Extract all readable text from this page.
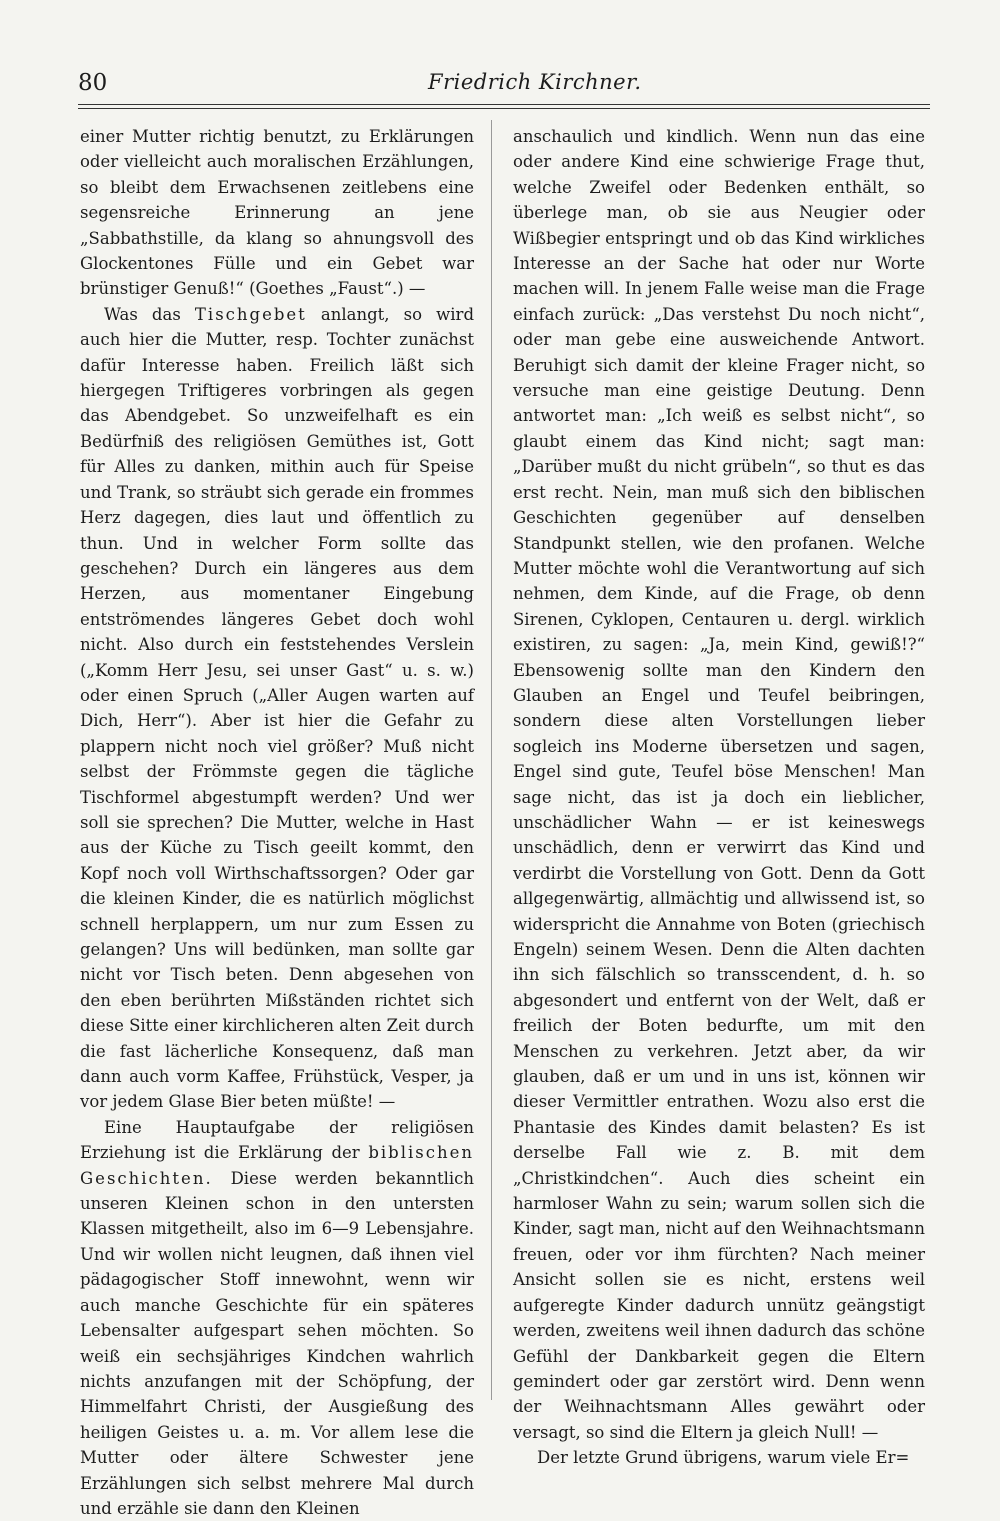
80	Friedrich Kirchner.

einer Mutter richtig benutzt, zu Erklärungen oder vielleicht auch moralischen Erzählungen, so bleibt dem Erwachsenen zeitlebens eine segensreiche Erinnerung an jene „Sabbathstille, da klang so ahnungsvoll des Glockentones Fülle und ein Gebet war brünstiger Genuß!“ (Goethes „Faust“.) —

Was das Tischgebet anlangt, so wird auch hier die Mutter, resp. Tochter zunächst dafür Interesse haben. Freilich läßt sich hiergegen Triftigeres vorbringen als gegen das Abendgebet. So unzweifelhaft es ein Bedürfniß des religiösen Gemüthes ist, Gott für Alles zu danken, mithin auch für Speise und Trank, so sträubt sich gerade ein frommes Herz dagegen, dies laut und öffentlich zu thun. Und in welcher Form sollte das geschehen? Durch ein längeres aus dem Herzen, aus momentaner Eingebung entströmendes längeres Gebet doch wohl nicht. Also durch ein feststehendes Verslein („Komm Herr Jesu, sei unser Gast“ u. s. w.) oder einen Spruch („Aller Augen warten auf Dich, Herr“). Aber ist hier die Gefahr zu plappern nicht noch viel größer? Muß nicht selbst der Frömmste gegen die tägliche Tischformel abgestumpft werden? Und wer soll sie sprechen? Die Mutter, welche in Hast aus der Küche zu Tisch geeilt kommt, den Kopf noch voll Wirthschaftssorgen? Oder gar die kleinen Kinder, die es natürlich möglichst schnell herplappern, um nur zum Essen zu gelangen? Uns will bedünken, man sollte gar nicht vor Tisch beten. Denn abgesehen von den eben berührten Mißständen richtet sich diese Sitte einer kirchlicheren alten Zeit durch die fast lächerliche Konsequenz, daß man dann auch vorm Kaffee, Frühstück, Vesper, ja vor jedem Glase Bier beten müßte! —

Eine Hauptaufgabe der religiösen Erziehung ist die Erklärung der biblischen Geschichten. Diese werden bekanntlich unseren Kleinen schon in den untersten Klassen mitgetheilt, also im 6—9 Lebensjahre. Und wir wollen nicht leugnen, daß ihnen viel pädagogischer Stoff innewohnt, wenn wir auch manche Geschichte für ein späteres Lebensalter aufgespart sehen möchten. So weiß ein sechsjähriges Kindchen wahrlich nichts anzufangen mit der Schöpfung, der Himmelfahrt Christi, der Ausgießung des heiligen Geistes u. a. m. Vor allem lese die Mutter oder ältere Schwester jene Erzählungen sich selbst mehrere Mal durch und erzähle sie dann den Kleinen

anschaulich und kindlich. Wenn nun das eine oder andere Kind eine schwierige Frage thut, welche Zweifel oder Bedenken enthält, so überlege man, ob sie aus Neugier oder Wißbegier entspringt und ob das Kind wirkliches Interesse an der Sache hat oder nur Worte machen will. In jenem Falle weise man die Frage einfach zurück: „Das verstehst Du noch nicht“, oder man gebe eine ausweichende Antwort. Beruhigt sich damit der kleine Frager nicht, so versuche man eine geistige Deutung. Denn antwortet man: „Ich weiß es selbst nicht“, so glaubt einem das Kind nicht; sagt man: „Darüber mußt du nicht grübeln“, so thut es das erst recht. Nein, man muß sich den biblischen Geschichten gegenüber auf denselben Standpunkt stellen, wie den profanen. Welche Mutter möchte wohl die Verantwortung auf sich nehmen, dem Kinde, auf die Frage, ob denn Sirenen, Cyklopen, Centauren u. dergl. wirklich existiren, zu sagen: „Ja, mein Kind, gewiß!?“ Ebensowenig sollte man den Kindern den Glauben an Engel und Teufel beibringen, sondern diese alten Vorstellungen lieber sogleich ins Moderne übersetzen und sagen, Engel sind gute, Teufel böse Menschen! Man sage nicht, das ist ja doch ein lieblicher, unschädlicher Wahn — er ist keineswegs unschädlich, denn er verwirrt das Kind und verdirbt die Vorstellung von Gott. Denn da Gott allgegenwärtig, allmächtig und allwissend ist, so widerspricht die Annahme von Boten (griechisch Engeln) seinem Wesen. Denn die Alten dachten ihn sich fälschlich so transscendent, d. h. so abgesondert und entfernt von der Welt, daß er freilich der Boten bedurfte, um mit den Menschen zu verkehren. Jetzt aber, da wir glauben, daß er um und in uns ist, können wir dieser Vermittler entrathen. Wozu also erst die Phantasie des Kindes damit belasten? Es ist derselbe Fall wie z. B. mit dem „Christkindchen“. Auch dies scheint ein harmloser Wahn zu sein; warum sollen sich die Kinder, sagt man, nicht auf den Weihnachtsmann freuen, oder vor ihm fürchten? Nach meiner Ansicht sollen sie es nicht, erstens weil aufgeregte Kinder dadurch unnütz geängstigt werden, zweitens weil ihnen dadurch das schöne Gefühl der Dankbarkeit gegen die Eltern gemindert oder gar zerstört wird. Denn wenn der Weihnachtsmann Alles gewährt oder versagt, so sind die Eltern ja gleich Null! —

Der letzte Grund übrigens, warum viele Er=
